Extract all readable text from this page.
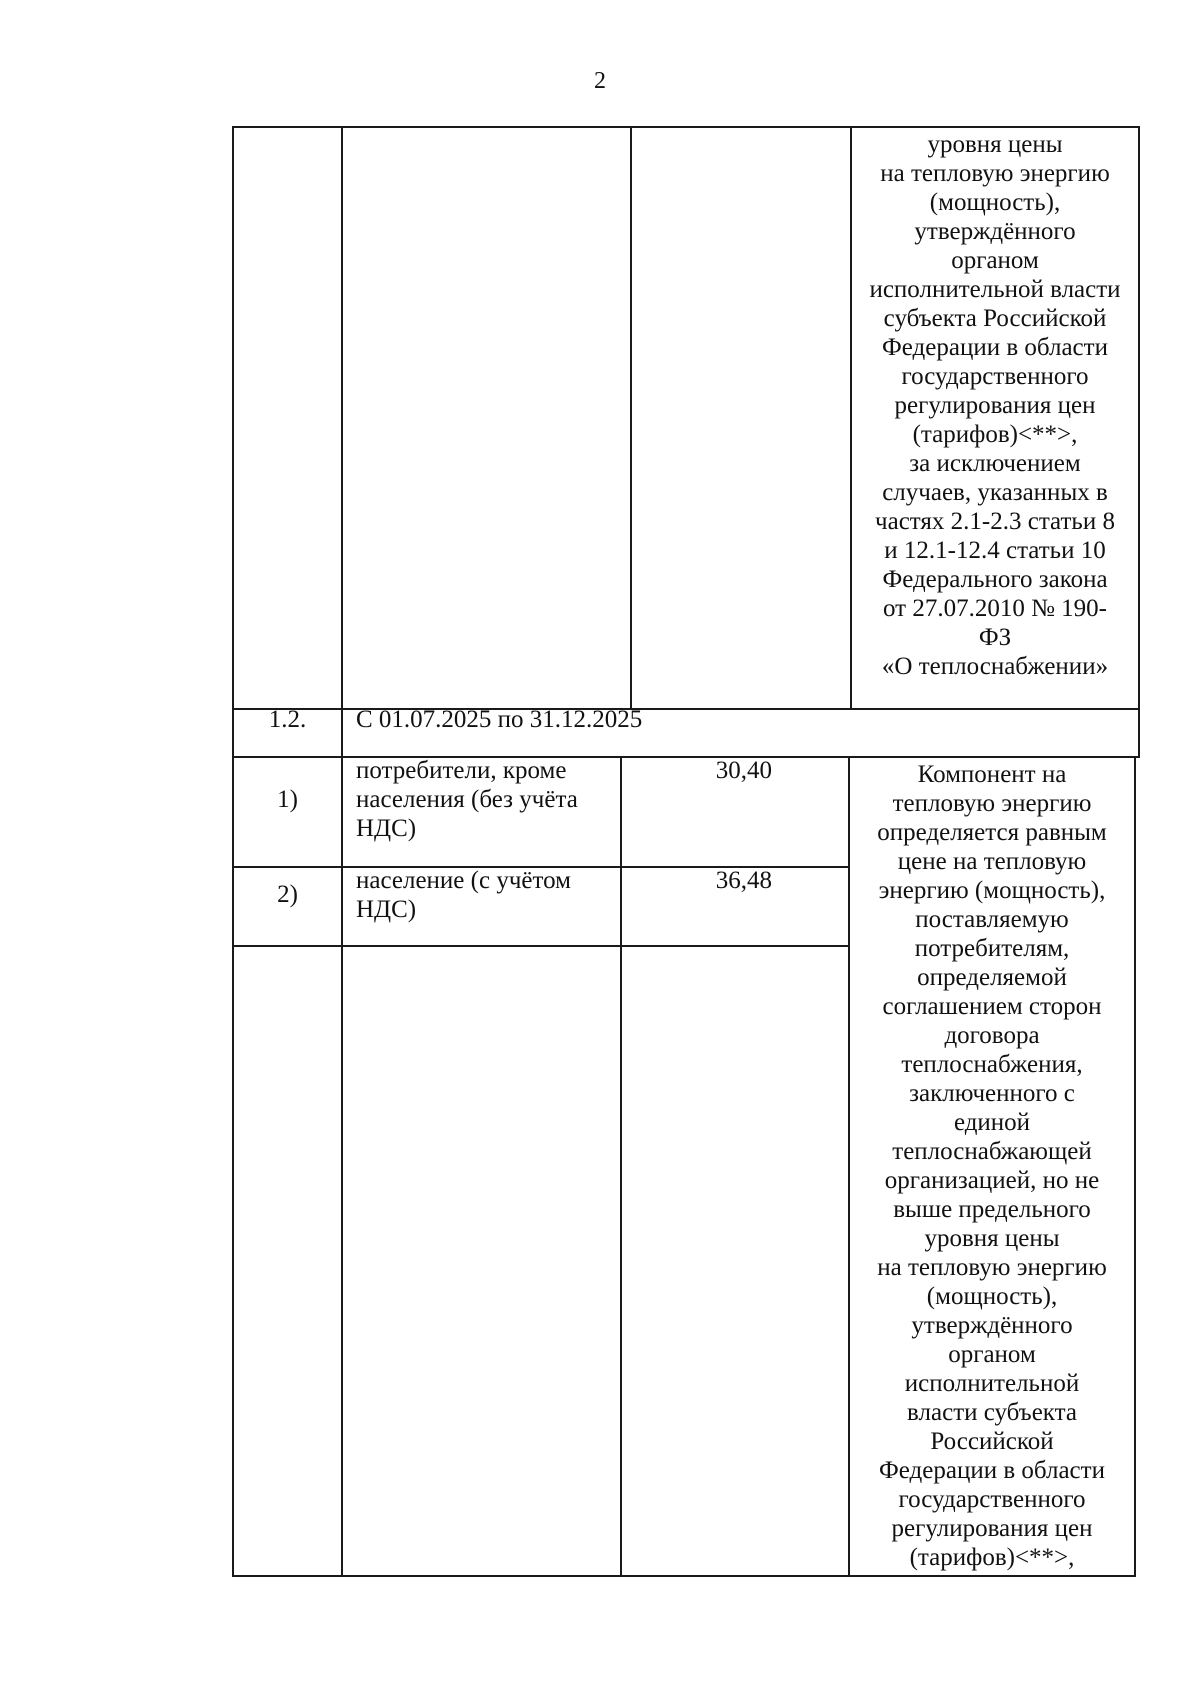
2
уровня цены
на тепловую энергию
(мощность),
утверждённого
органом
исполнительной власти
субъекта Российской
Федерации в области
государственного
регулирования цен
(тарифов)<**>,
за исключением
случаев, указанных в
частях 2.1-2.3 статьи 8
и 12.1-12.4 статьи 10
Федерального закона
от 27.07.2010 № 190-
ФЗ
«О теплоснабжении»
1.2.	С 01.07.2025 по 31.12.2025
1)
потребители, кроме
населения (без учёта
НДС)
30,40
2)
население (с учётом
НДС)
36,48
Компонент на
тепловую энергию
определяется равным
цене на тепловую
энергию (мощность),
поставляемую
потребителям,
определяемой
соглашением сторон
договора
теплоснабжения,
заключенного с
единой
теплоснабжающей
организацией, но не
выше предельного
уровня цены
на тепловую энергию
(мощность),
утверждённого
органом
исполнительной
власти субъекта
Российской
Федерации в области
государственного
регулирования цен
(тарифов)<**>,
